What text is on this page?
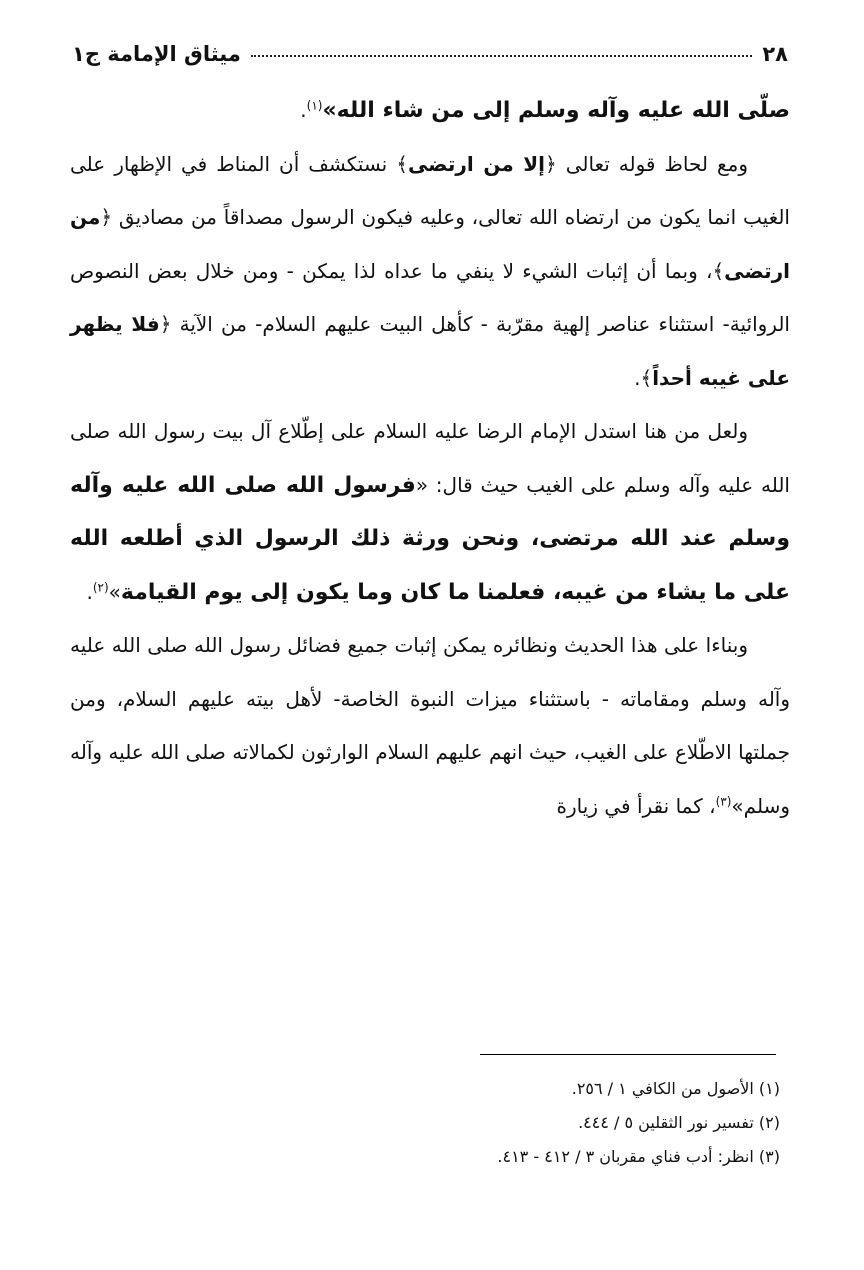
٢٨
ميثاق الإمامة ج١

صلّى الله عليه وآله وسلم إلى من شاء الله»$^{(١)}$.

ومع لحاظ قوله تعالى ﴿إلا من ارتضى﴾ نستكشف أن المناط في الإظهار على الغيب انما يكون من ارتضاه الله تعالى، وعليه فيكون الرسول مصداقاً من مصاديق ﴿من ارتضى﴾، وبما أن إثبات الشيء لا ينفي ما عداه لذا يمكن - ومن خلال بعض النصوص الروائية- استثناء عناصر إلهية مقرّبة - كأهل البيت عليهم السلام- من الآية ﴿فلا يظهر على غيبه أحداً﴾.

ولعل من هنا استدل الإمام الرضا عليه السلام على إطّلاع آل بيت رسول الله صلى الله عليه وآله وسلم على الغيب حيث قال: «فرسول الله صلى الله عليه وآله وسلم عند الله مرتضى، ونحن ورثة ذلك الرسول الذي أطلعه الله على ما يشاء من غيبه، فعلمنا ما كان وما يكون إلى يوم القيامة»$^{(٢)}$.

وبناءا على هذا الحديث ونظائره يمكن إثبات جميع فضائل رسول الله صلى الله عليه وآله وسلم ومقاماته - باستثناء ميزات النبوة الخاصة- لأهل بيته عليهم السلام، ومن جملتها الاطّلاع على الغيب، حيث انهم عليهم السلام الوارثون لكمالاته صلى الله عليه وآله وسلم»$^{(٣)}$، كما نقرأ في زيارة

(١) الأصول من الكافي ١ / ٢٥٦.

(٢) تفسير نور الثقلين ٥ / ٤٤٤.

(٣) انظر: أدب فناي مقربان ٣ / ٤١٢ - ٤١٣.
